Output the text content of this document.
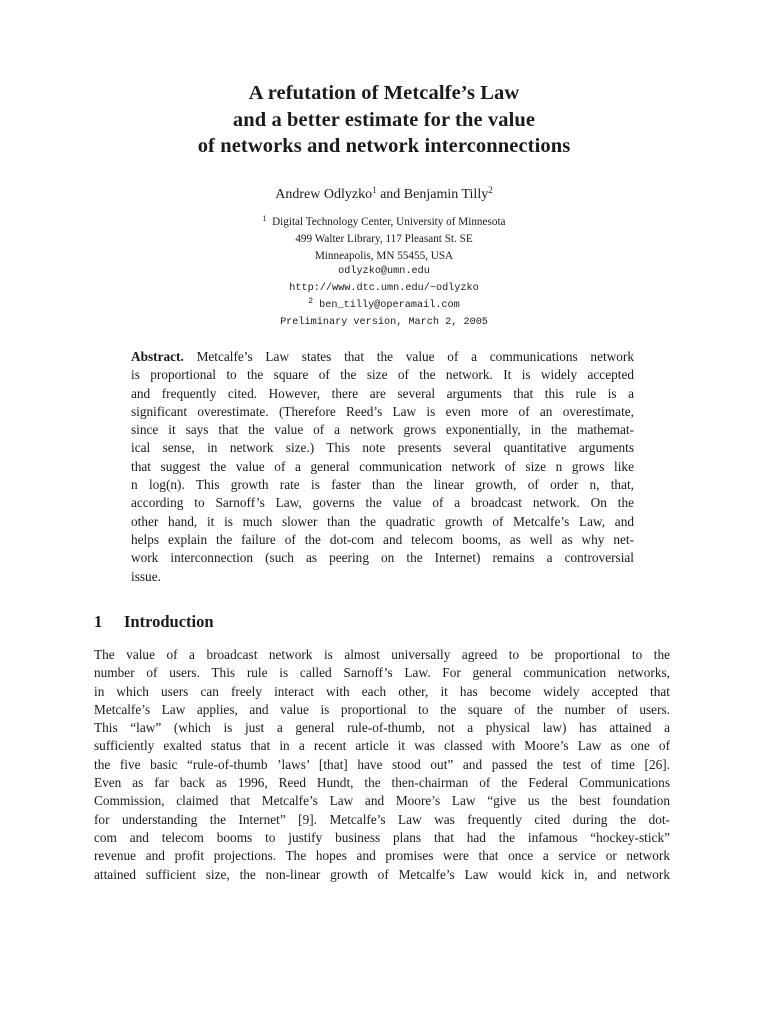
A refutation of Metcalfe’s Law
and a better estimate for the value
of networks and network interconnections
Andrew Odlyzko$^1$ and Benjamin Tilly$^2$
$^1$ Digital Technology Center, University of Minnesota
499 Walter Library, 117 Pleasant St. SE
Minneapolis, MN 55455, USA
odlyzko@umn.edu
http://www.dtc.umn.edu/~odlyzko
$^2$ ben_tilly@operamail.com
Preliminary version, March 2, 2005
Abstract. Metcalfe’s Law states that the value of a communications network
is proportional to the square of the size of the network. It is widely accepted
and frequently cited. However, there are several arguments that this rule is a
significant overestimate. (Therefore Reed’s Law is even more of an overestimate,
since it says that the value of a network grows exponentially, in the mathemat-
ical sense, in network size.) This note presents several quantitative arguments
that suggest the value of a general communication network of size n grows like
n log(n). This growth rate is faster than the linear growth, of order n, that,
according to Sarnoff’s Law, governs the value of a broadcast network. On the
other hand, it is much slower than the quadratic growth of Metcalfe’s Law, and
helps explain the failure of the dot-com and telecom booms, as well as why net-
work interconnection (such as peering on the Internet) remains a controversial
issue.
1 Introduction
The value of a broadcast network is almost universally agreed to be proportional to the
number of users. This rule is called Sarnoff’s Law. For general communication networks,
in which users can freely interact with each other, it has become widely accepted that
Metcalfe’s Law applies, and value is proportional to the square of the number of users.
This “law” (which is just a general rule-of-thumb, not a physical law) has attained a
sufficiently exalted status that in a recent article it was classed with Moore’s Law as one of
the five basic “rule-of-thumb ’laws’ [that] have stood out” and passed the test of time [26].
Even as far back as 1996, Reed Hundt, the then-chairman of the Federal Communications
Commission, claimed that Metcalfe’s Law and Moore’s Law “give us the best foundation
for understanding the Internet” [9]. Metcalfe’s Law was frequently cited during the dot-
com and telecom booms to justify business plans that had the infamous “hockey-stick”
revenue and profit projections. The hopes and promises were that once a service or network
attained sufficient size, the non-linear growth of Metcalfe’s Law would kick in, and network
